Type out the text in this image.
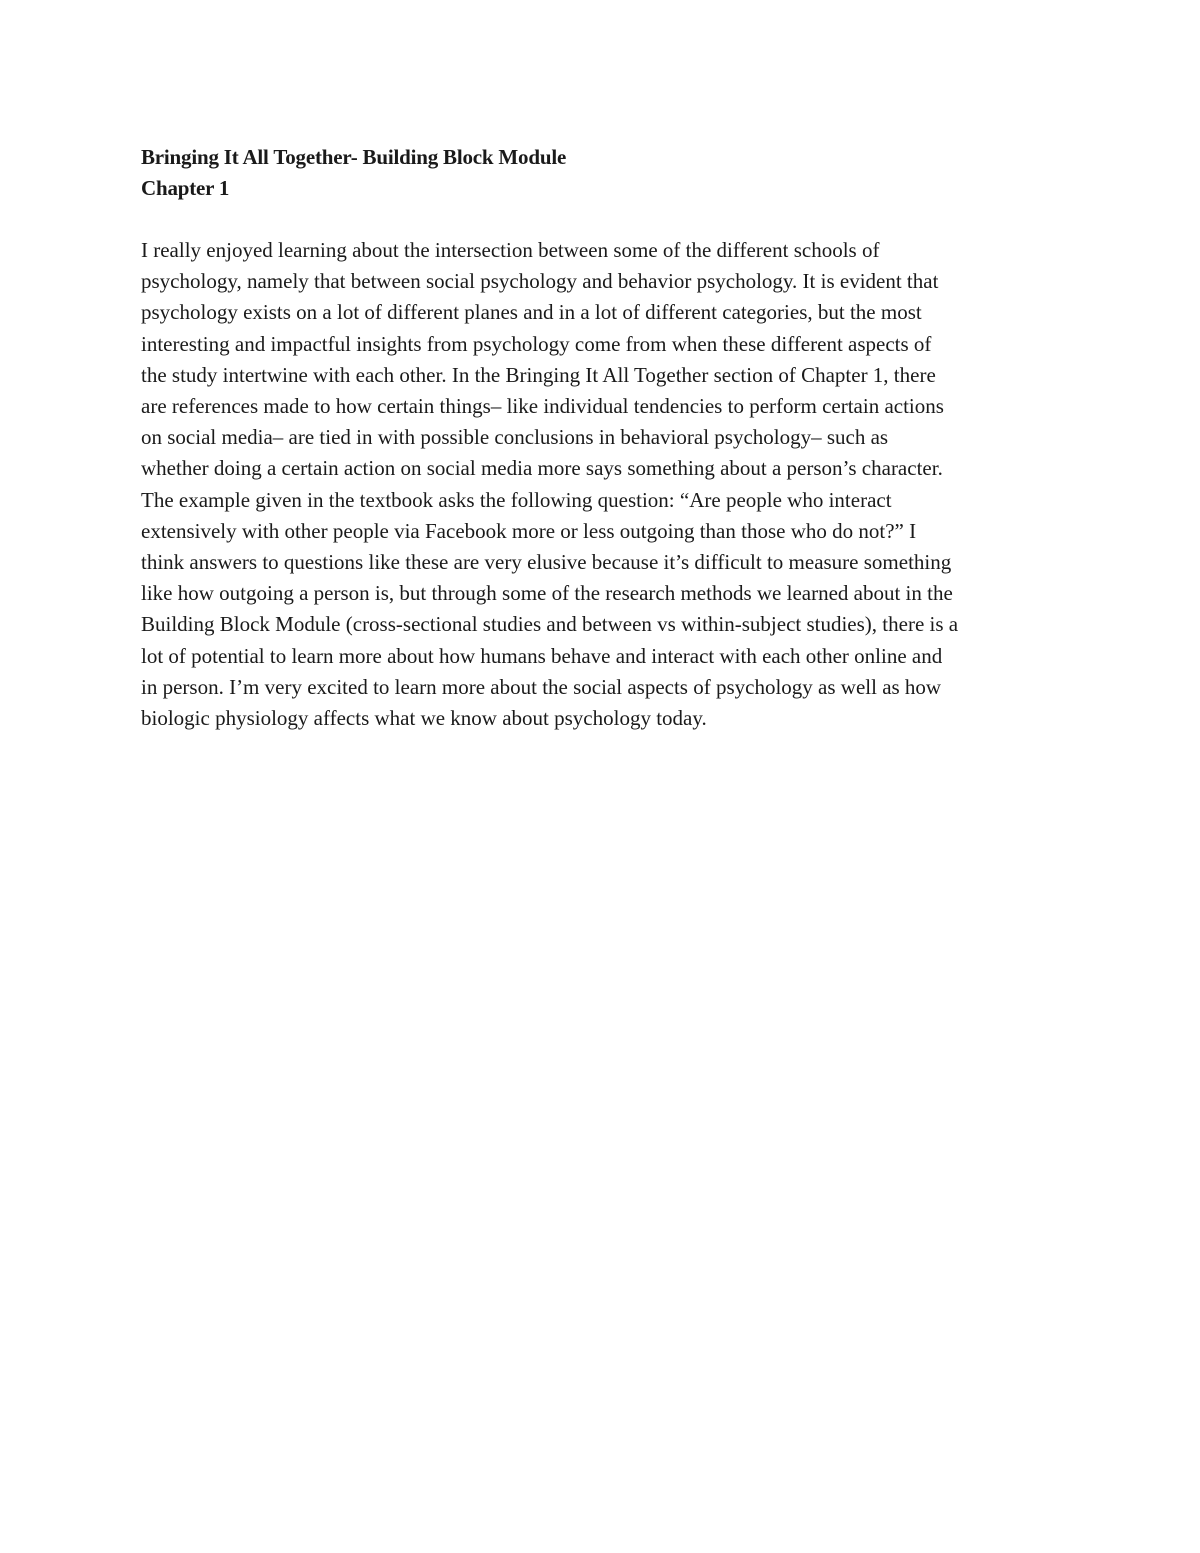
Bringing It All Together- Building Block Module
Chapter 1
I really enjoyed learning about the intersection between some of the different schools of
psychology, namely that between social psychology and behavior psychology. It is evident that
psychology exists on a lot of different planes and in a lot of different categories, but the most
interesting and impactful insights from psychology come from when these different aspects of
the study intertwine with each other. In the Bringing It All Together section of Chapter 1, there
are references made to how certain things– like individual tendencies to perform certain actions
on social media– are tied in with possible conclusions in behavioral psychology– such as
whether doing a certain action on social media more says something about a person’s character.
The example given in the textbook asks the following question: “Are people who interact
extensively with other people via Facebook more or less outgoing than those who do not?” I
think answers to questions like these are very elusive because it’s difficult to measure something
like how outgoing a person is, but through some of the research methods we learned about in the
Building Block Module (cross-sectional studies and between vs within-subject studies), there is a
lot of potential to learn more about how humans behave and interact with each other online and
in person. I’m very excited to learn more about the social aspects of psychology as well as how
biologic physiology affects what we know about psychology today.
